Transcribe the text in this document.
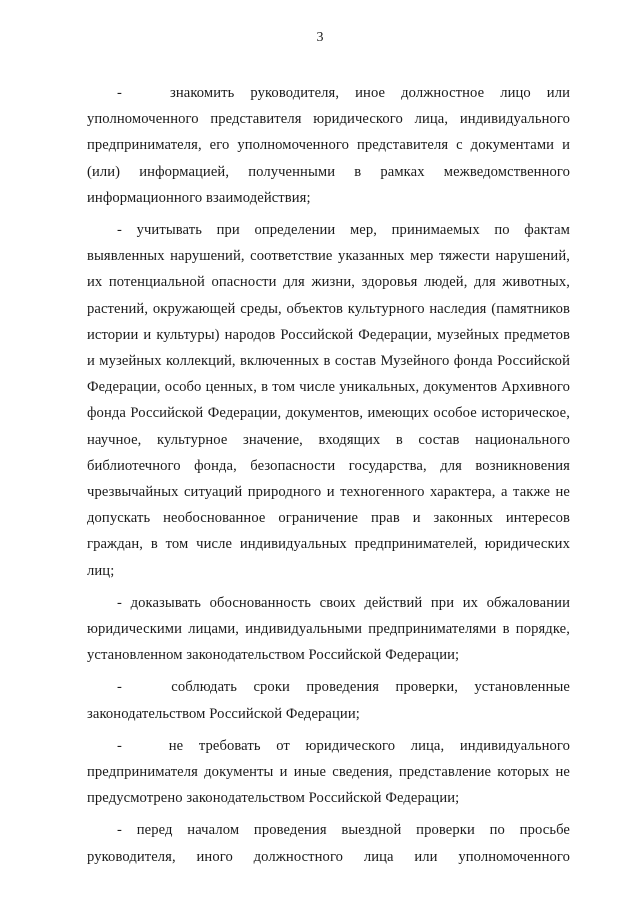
3

-   знакомить руководителя, иное должностное лицо или уполномоченного представителя юридического лица, индивидуального предпринимателя, его уполномоченного представителя с документами и (или) информацией, полученными в рамках межведомственного информационного взаимодействия;

- учитывать при определении мер, принимаемых по фактам выявленных нарушений, соответствие указанных мер тяжести нарушений, их потенциальной опасности для жизни, здоровья людей, для животных, растений, окружающей среды, объектов культурного наследия (памятников истории и культуры) народов Российской Федерации, музейных предметов и музейных коллекций, включенных в состав Музейного фонда Российской Федерации, особо ценных, в том числе уникальных, документов Архивного фонда Российской Федерации, документов, имеющих особое историческое, научное, культурное значение, входящих в состав национального библиотечного фонда, безопасности государства, для возникновения чрезвычайных ситуаций природного и техногенного характера, а также не допускать необоснованное ограничение прав и законных интересов граждан, в том числе индивидуальных предпринимателей, юридических лиц;

- доказывать обоснованность своих действий при их обжаловании юридическими лицами, индивидуальными предпринимателями в порядке, установленном законодательством Российской Федерации;

-   соблюдать сроки проведения проверки, установленные законодательством Российской Федерации;

-   не требовать от юридического лица, индивидуального предпринимателя документы и иные сведения, представление которых не предусмотрено законодательством Российской Федерации;

- перед началом проведения выездной проверки по просьбе руководителя, иного должностного лица или уполномоченного
